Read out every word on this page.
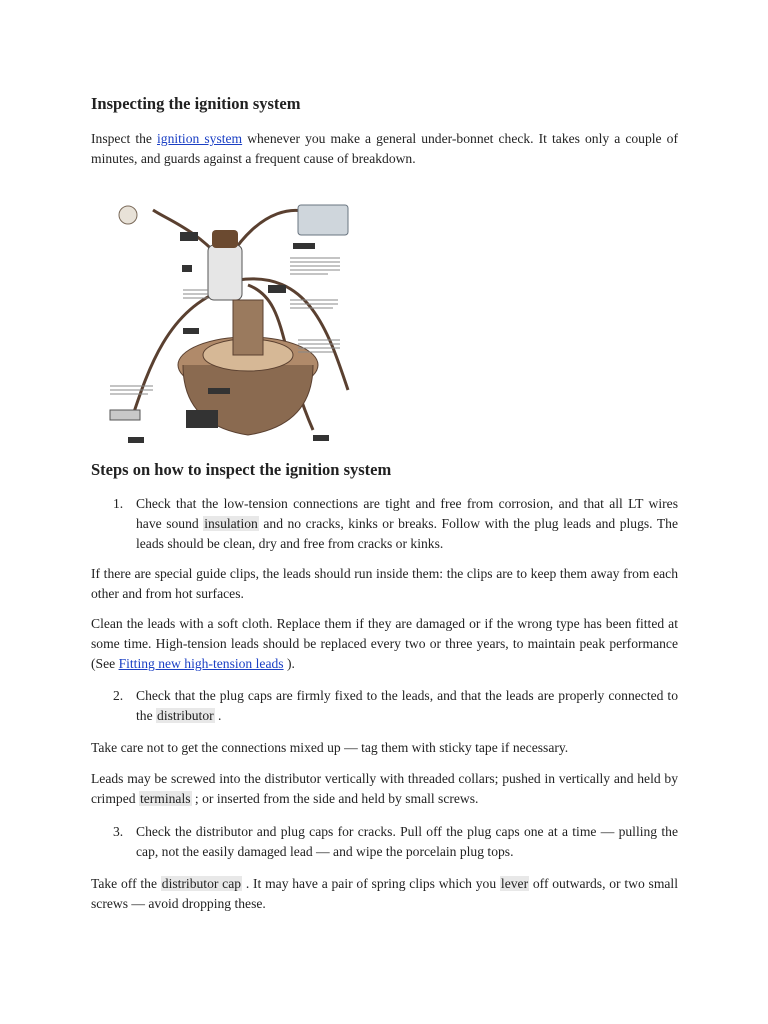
Inspecting the ignition system

Inspect the ignition system whenever you make a general under-bonnet check. It takes only a couple of minutes, and guards against a frequent cause of breakdown.

Steps on how to inspect the ignition system
1. Check that the low-tension connections are tight and free from corrosion, and that all LT wires have sound insulation and no cracks, kinks or breaks. Follow with the plug leads and plugs. The leads should be clean, dry and free from cracks or kinks.

If there are special guide clips, the leads should run inside them: the clips are to keep them away from each other and from hot surfaces.

Clean the leads with a soft cloth. Replace them if they are damaged or if the wrong type has been fitted at some time. High-tension leads should be replaced every two or three years, to maintain peak performance (See Fitting new high-tension leads ).

2. Check that the plug caps are firmly fixed to the leads, and that the leads are properly connected to the distributor .

Take care not to get the connections mixed up — tag them with sticky tape if necessary.

Leads may be screwed into the distributor vertically with threaded collars; pushed in vertically and held by crimped terminals ; or inserted from the side and held by small screws.

3. Check the distributor and plug caps for cracks. Pull off the plug caps one at a time — pulling the cap, not the easily damaged lead — and wipe the porcelain plug tops.

Take off the distributor cap . It may have a pair of spring clips which you lever off outwards, or two small screws — avoid dropping these.
